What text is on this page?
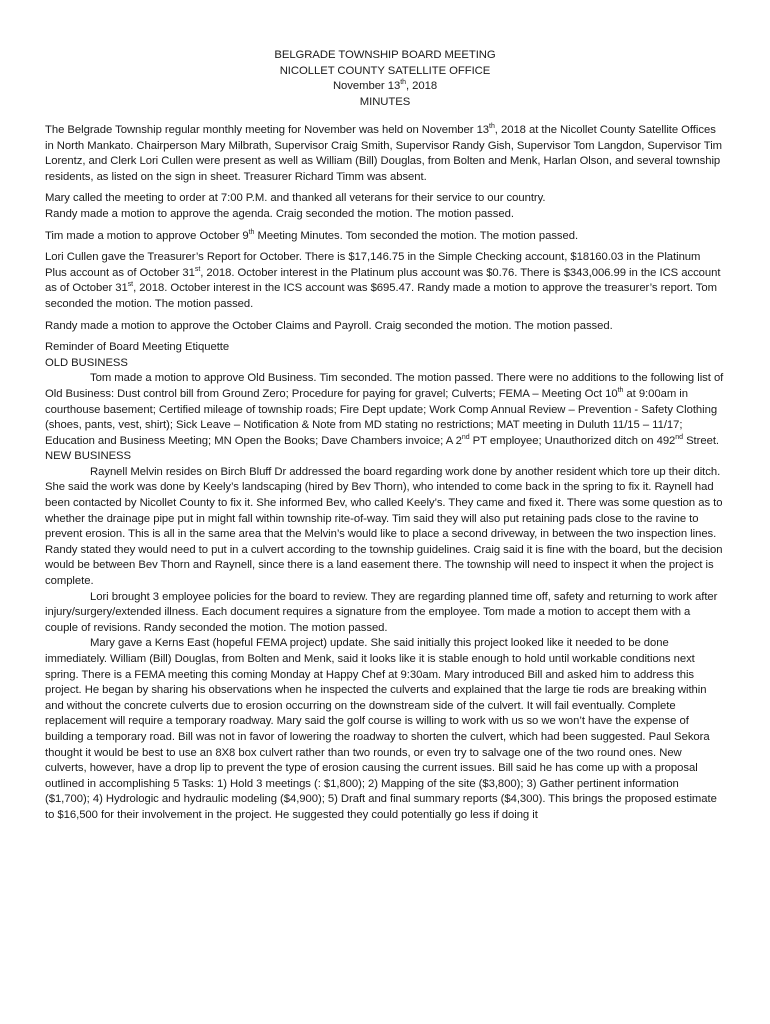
BELGRADE TOWNSHIP BOARD MEETING
NICOLLET COUNTY SATELLITE OFFICE
November 13th, 2018
MINUTES

The Belgrade Township regular monthly meeting for November was held on November 13th, 2018 at the Nicollet County Satellite Offices in North Mankato. Chairperson Mary Milbrath, Supervisor Craig Smith, Supervisor Randy Gish, Supervisor Tom Langdon, Supervisor Tim Lorentz, and Clerk Lori Cullen were present as well as William (Bill) Douglas, from Bolten and Menk, Harlan Olson, and several township residents, as listed on the sign in sheet. Treasurer Richard Timm was absent.

Mary called the meeting to order at 7:00 P.M. and thanked all veterans for their service to our country.

Randy made a motion to approve the agenda. Craig seconded the motion. The motion passed.

Tim made a motion to approve October 9th Meeting Minutes. Tom seconded the motion. The motion passed.

Lori Cullen gave the Treasurer’s Report for October. There is $17,146.75 in the Simple Checking account, $18160.03 in the Platinum Plus account as of October 31st, 2018. October interest in the Platinum plus account was $0.76. There is $343,006.99 in the ICS account as of October 31st, 2018. October interest in the ICS account was $695.47. Randy made a motion to approve the treasurer’s report. Tom seconded the motion. The motion passed.

Randy made a motion to approve the October Claims and Payroll. Craig seconded the motion. The motion passed.

Reminder of Board Meeting Etiquette
OLD BUSINESS

Tom made a motion to approve Old Business. Tim seconded. The motion passed. There were no additions to the following list of Old Business: Dust control bill from Ground Zero; Procedure for paying for gravel; Culverts; FEMA – Meeting Oct 10th at 9:00am in courthouse basement; Certified mileage of township roads; Fire Dept update; Work Comp Annual Review – Prevention - Safety Clothing (shoes, pants, vest, shirt); Sick Leave – Notification & Note from MD stating no restrictions; MAT meeting in Duluth 11/15 – 11/17; Education and Business Meeting; MN Open the Books; Dave Chambers invoice; A 2nd PT employee; Unauthorized ditch on 492nd Street.

NEW BUSINESS

Raynell Melvin resides on Birch Bluff Dr addressed the board regarding work done by another resident which tore up their ditch. She said the work was done by Keely’s landscaping (hired by Bev Thorn), who intended to come back in the spring to fix it. Raynell had been contacted by Nicollet County to fix it. She informed Bev, who called Keely’s. They came and fixed it. There was some question as to whether the drainage pipe put in might fall within township rite-of-way. Tim said they will also put retaining pads close to the ravine to prevent erosion. This is all in the same area that the Melvin’s would like to place a second driveway, in between the two inspection lines. Randy stated they would need to put in a culvert according to the township guidelines. Craig said it is fine with the board, but the decision would be between Bev Thorn and Raynell, since there is a land easement there. The township will need to inspect it when the project is complete.

Lori brought 3 employee policies for the board to review. They are regarding planned time off, safety and returning to work after injury/surgery/extended illness. Each document requires a signature from the employee. Tom made a motion to accept them with a couple of revisions. Randy seconded the motion. The motion passed.

Mary gave a Kerns East (hopeful FEMA project) update. She said initially this project looked like it needed to be done immediately. William (Bill) Douglas, from Bolten and Menk, said it looks like it is stable enough to hold until workable conditions next spring. There is a FEMA meeting this coming Monday at Happy Chef at 9:30am. Mary introduced Bill and asked him to address this project. He began by sharing his observations when he inspected the culverts and explained that the large tie rods are breaking within and without the concrete culverts due to erosion occurring on the downstream side of the culvert. It will fail eventually. Complete replacement will require a temporary roadway. Mary said the golf course is willing to work with us so we won’t have the expense of building a temporary road. Bill was not in favor of lowering the roadway to shorten the culvert, which had been suggested. Paul Sekora thought it would be best to use an 8X8 box culvert rather than two rounds, or even try to salvage one of the two round ones. New culverts, however, have a drop lip to prevent the type of erosion causing the current issues. Bill said he has come up with a proposal outlined in accomplishing 5 Tasks: 1) Hold 3 meetings (: $1,800); 2) Mapping of the site ($3,800); 3) Gather pertinent information ($1,700); 4) Hydrologic and hydraulic modeling ($4,900); 5) Draft and final summary reports ($4,300). This brings the proposed estimate to $16,500 for their involvement in the project. He suggested they could potentially go less if doing it
